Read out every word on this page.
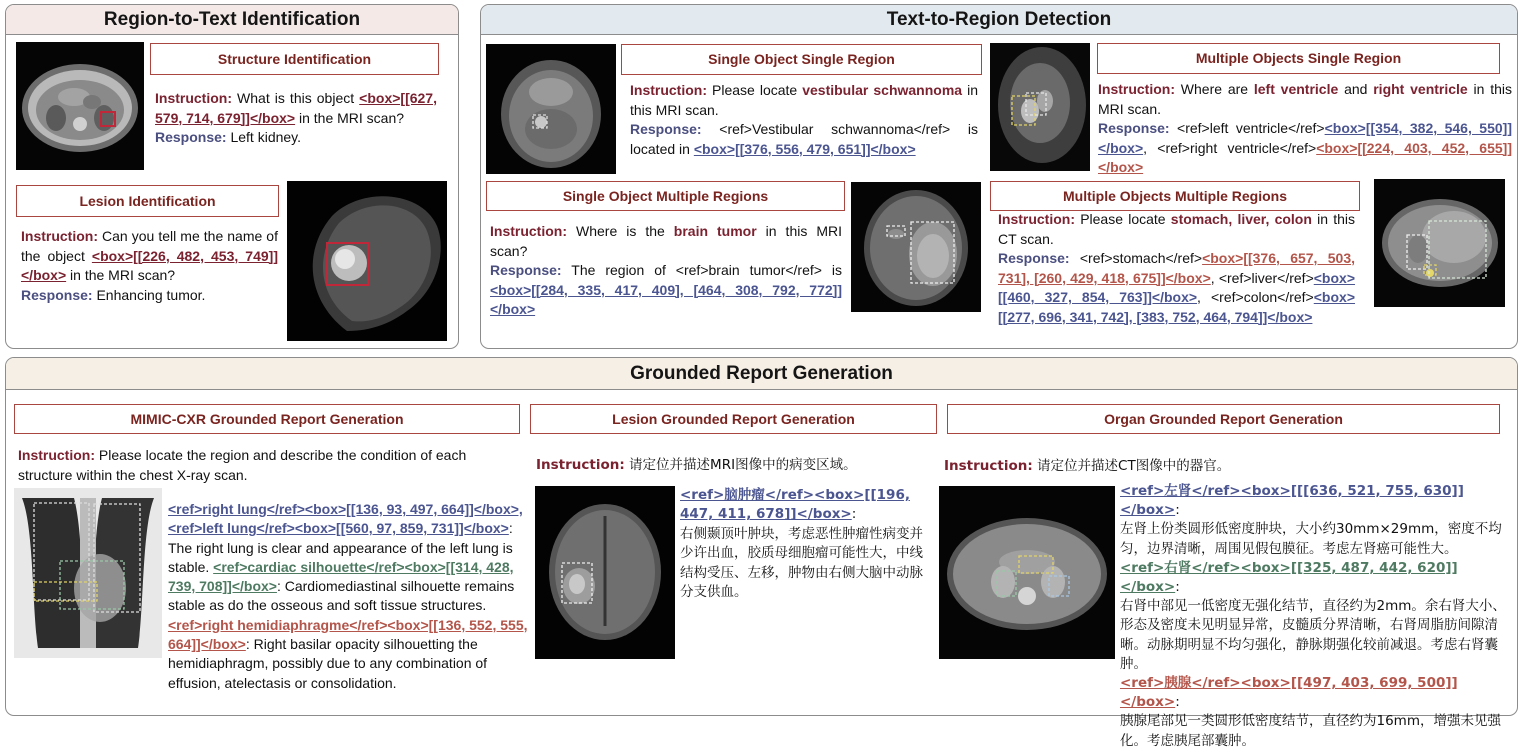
Region-to-Text Identification
Structure Identification
Instruction: What is this object <box>[[627, 579, 714, 679]]</box> in the MRI scan?
Response: Left kidney.
Lesion Identification
Instruction: Can you tell me the name of the object <box>[[226, 482, 453, 749]]</box> in the MRI scan?
Response: Enhancing tumor.
Text-to-Region Detection
Single Object Single Region
Instruction: Please locate vestibular schwannoma in this MRI scan.
Response: <ref>Vestibular schwannoma</ref> is located in <box>[[376, 556, 479, 651]]</box>
Multiple Objects Single Region
Instruction: Where are left ventricle and right ventricle in this MRI scan.
Response: <ref>left ventricle</ref><box>[[354, 382, 546, 550]]</box>, <ref>right ventricle</ref><box>[[224, 403, 452, 655]]</box>
Single Object Multiple Regions
Instruction: Where is the brain tumor in this MRI scan?
Response: The region of <ref>brain tumor</ref> is <box>[[284, 335, 417, 409], [464, 308, 792, 772]]</box>
Multiple Objects Multiple Regions
Instruction: Please locate stomach, liver, colon in this CT scan.
Response: <ref>stomach</ref><box>[[376, 657, 503, 731], [260, 429, 418, 675]]</box>, <ref>liver</ref><box>[[460, 327, 854, 763]]</box>, <ref>colon</ref><box>[[277, 696, 341, 742], [383, 752, 464, 794]]</box>
Grounded Report Generation
MIMIC-CXR Grounded Report Generation
Instruction: Please locate the region and describe the condition of each structure within the chest X-ray scan.
<ref>right lung</ref><box>[[136, 93, 497, 664]]</box>, <ref>left lung</ref><box>[[560, 97, 859, 731]]</box>: The right lung is clear and appearance of the left lung is stable. <ref>cardiac silhouette</ref><box>[[314, 428, 739, 708]]</box>: Cardiomediastinal silhouette remains stable as do the osseous and soft tissue structures. <ref>right hemidiaphragme</ref><box>[[136, 552, 555, 664]]</box>: Right basilar opacity silhouetting the hemidiaphragm, possibly due to any combination of effusion, atelectasis or consolidation.
Lesion Grounded Report Generation
Instruction: 请定位并描述MRI图像中的病变区域。
<ref>脑肿瘤</ref><box>[[196, 447, 411, 678]]</box>:
右侧颞顶叶肿块，考虑恶性肿瘤性病变并少许出血，胶质母细胞瘤可能性大，中线结构受压、左移，肿物由右侧大脑中动脉分支供血。
Organ Grounded Report Generation
Instruction: 请定位并描述CT图像中的器官。
<ref>左肾</ref><box>[[[636, 521, 755, 630]]</box>:
左肾上份类圆形低密度肿块，大小约30mm×29mm，密度不均匀，边界清晰，周围见假包膜征。考虑左肾癌可能性大。
<ref>右肾</ref><box>[[325, 487, 442, 620]]</box>:
右肾中部见一低密度无强化结节，直径约为2mm。余右肾大小、形态及密度未见明显异常，皮髓质分界清晰，右肾周脂肪间隙清晰。动脉期明显不均匀强化，静脉期强化较前减退。考虑右肾囊肿。
<ref>胰腺</ref><box>[[497, 403, 699, 500]]</box>:
胰腺尾部见一类圆形低密度结节，直径约为16mm，增强未见强化。考虑胰尾部囊肿。
